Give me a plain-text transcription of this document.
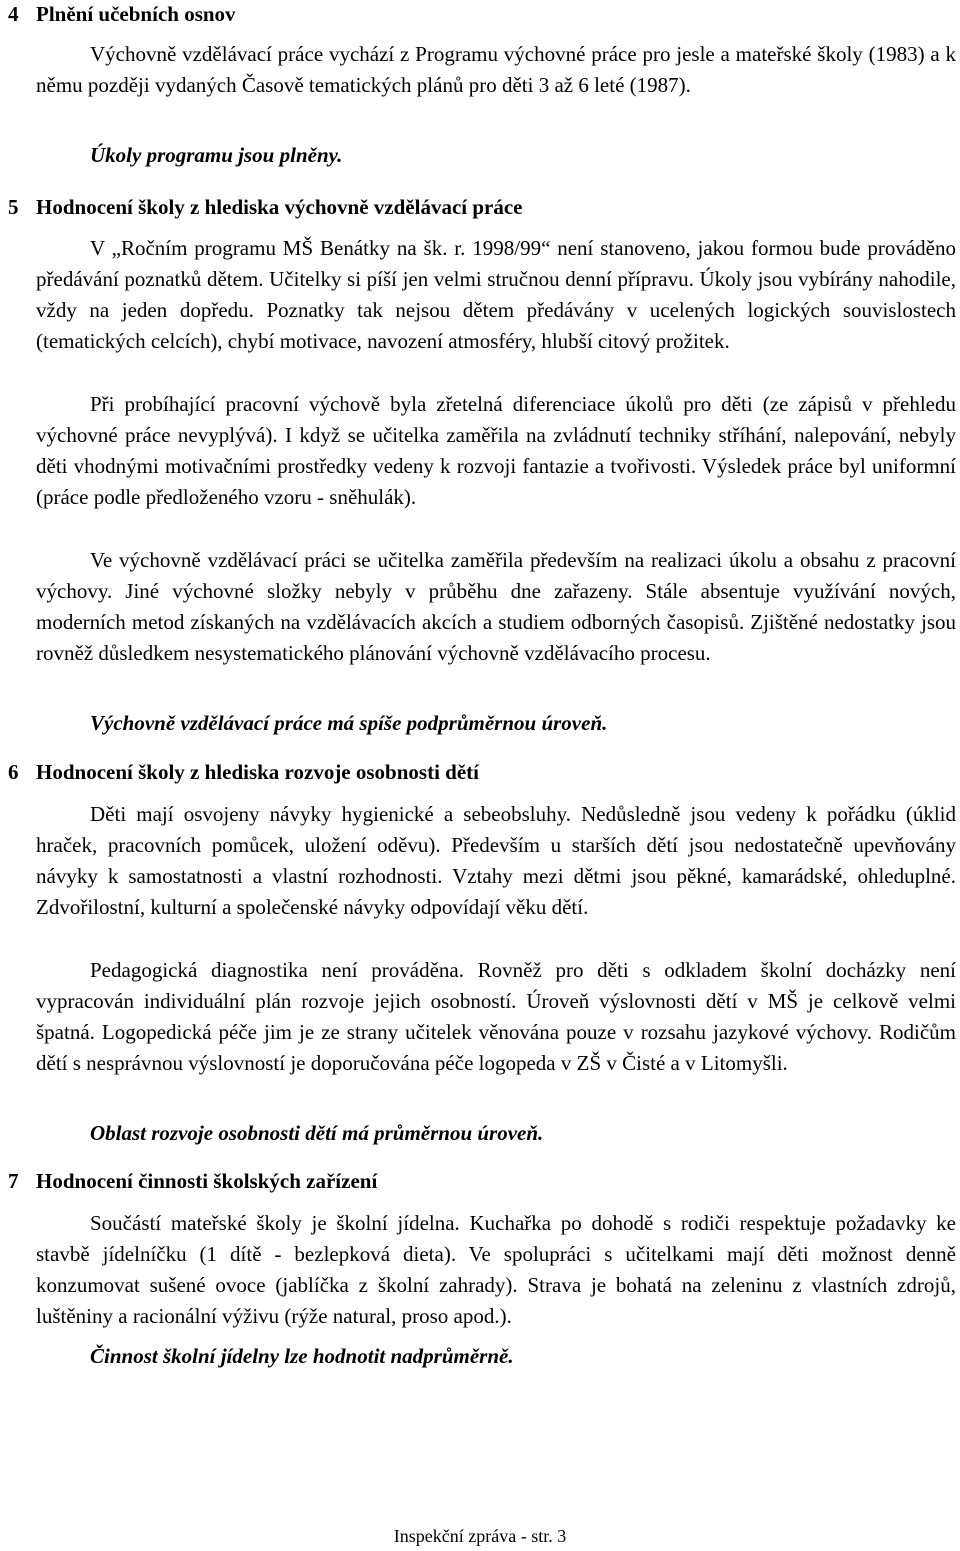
4 Plnění učebních osnov

Výchovně vzdělávací práce vychází z Programu výchovné práce pro jesle a mateřské školy (1983) a k němu později vydaných Časově tematických plánů pro děti 3 až 6 leté (1987).

Úkoly programu jsou plněny.
5 Hodnocení školy z hlediska výchovně vzdělávací práce

V „Ročním programu MŠ Benátky na šk. r. 1998/99“ není stanoveno, jakou formou bude prováděno předávání poznatků dětem. Učitelky si píší jen velmi stručnou denní přípravu. Úkoly jsou vybírány nahodile, vždy na jeden dopředu. Poznatky tak nejsou dětem předávány v ucelených logických souvislostech (tematických celcích), chybí motivace, navození atmosféry, hlubší citový prožitek.

Při probíhající pracovní výchově byla zřetelná diferenciace úkolů pro děti (ze zápisů v přehledu výchovné práce nevyplývá). I když se učitelka zaměřila na zvládnutí techniky stříhání, nalepování, nebyly děti vhodnými motivačními prostředky vedeny k rozvoji fantazie a tvořivosti. Výsledek práce byl uniformní (práce podle předloženého vzoru - sněhulák).

Ve výchovně vzdělávací práci se učitelka zaměřila především na realizaci úkolu a obsahu z pracovní výchovy. Jiné výchovné složky nebyly v průběhu dne zařazeny. Stále absentuje využívání nových, moderních metod získaných na vzdělávacích akcích a studiem odborných časopisů. Zjištěné nedostatky jsou rovněž důsledkem nesystematického plánování výchovně vzdělávacího procesu.

Výchovně vzdělávací práce má spíše podprůměrnou úroveň.
6 Hodnocení školy z hlediska rozvoje osobnosti dětí

Děti mají osvojeny návyky hygienické a sebeobsluhy. Nedůsledně jsou vedeny k pořádku (úklid hraček, pracovních pomůcek, uložení oděvu). Především u starších dětí jsou nedostatečně upevňovány návyky k samostatnosti a vlastní rozhodnosti. Vztahy mezi dětmi jsou pěkné, kamarádské, ohleduplné. Zdvořilostní, kulturní a společenské návyky odpovídají věku dětí.

Pedagogická diagnostika není prováděna. Rovněž pro děti s odkladem školní docházky není vypracován individuální plán rozvoje jejich osobností. Úroveň výslovnosti dětí v MŠ je celkově velmi špatná. Logopedická péče jim je ze strany učitelek věnována pouze v rozsahu jazykové výchovy. Rodičům dětí s nesprávnou výslovností je doporučována péče logopeda v ZŠ v Čisté a v Litomyšli.

Oblast rozvoje osobnosti dětí má průměrnou úroveň.
7 Hodnocení činnosti školských zařízení

Součástí mateřské školy je školní jídelna. Kuchařka po dohodě s rodiči respektuje požadavky ke stavbě jídelníčku (1 dítě - bezlepková dieta). Ve spolupráci s učitelkami mají děti možnost denně konzumovat sušené ovoce (jablíčka z školní zahrady). Strava je bohatá na zeleninu z vlastních zdrojů, luštěniny a racionální výživu (rýže natural, proso apod.).

Činnost školní jídelny lze hodnotit nadprůměrně.
Inspekční zpráva - str. 3
